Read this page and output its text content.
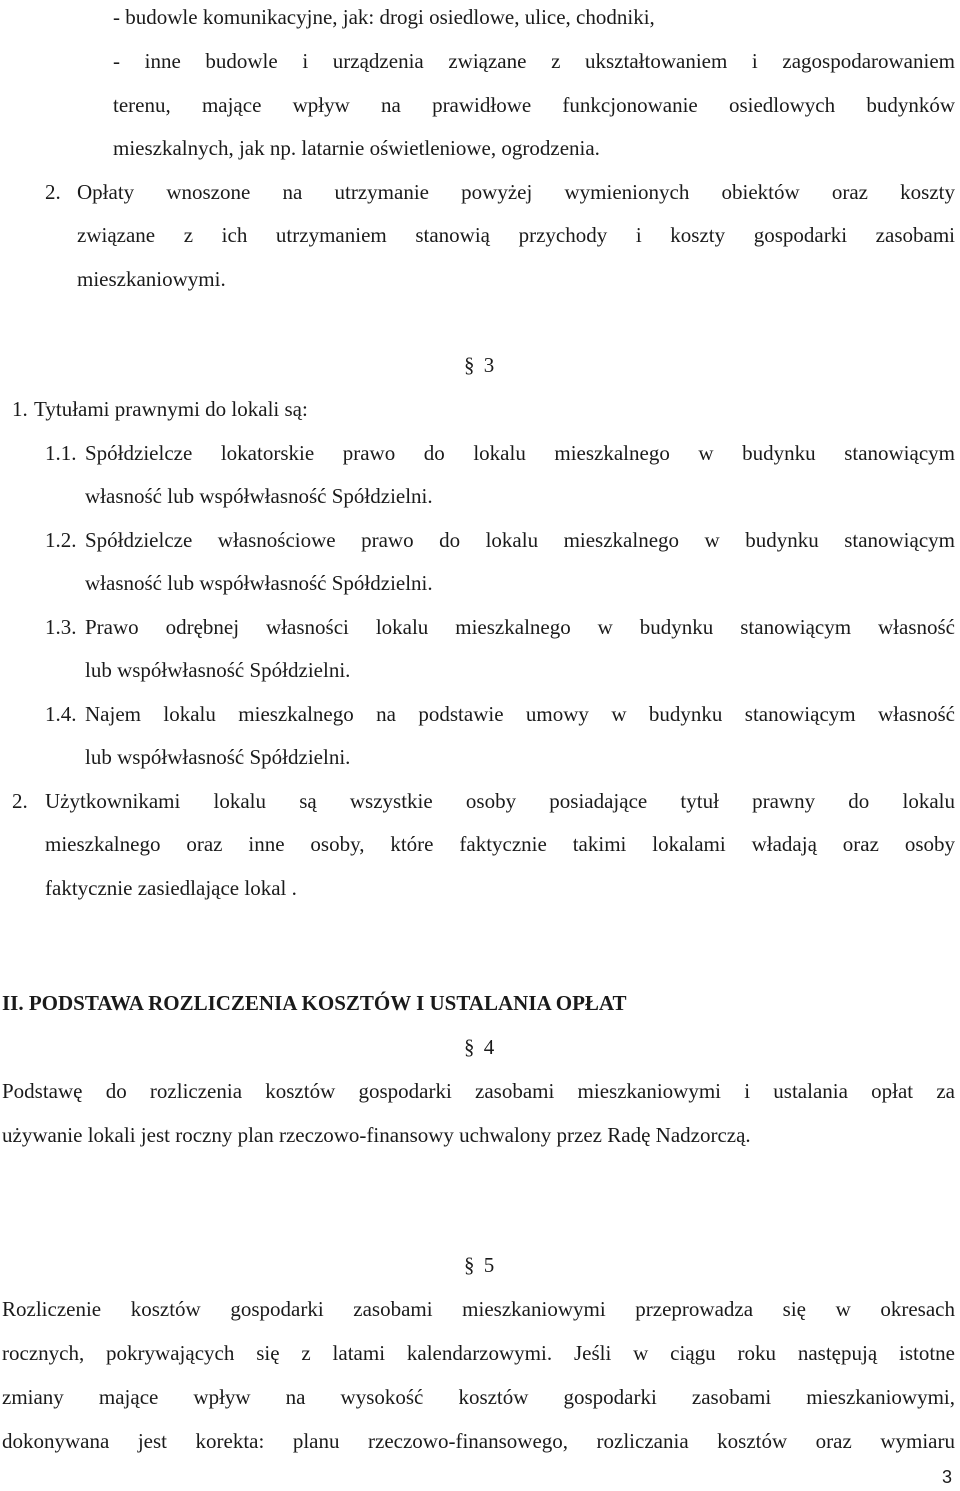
- budowle komunikacyjne, jak: drogi osiedlowe, ulice, chodniki,

- inne budowle i urządzenia związane z ukształtowaniem i zagospodarowaniem

terenu, mające wpływ na prawidłowe funkcjonowanie osiedlowych budynków

mieszkalnych, jak np. latarnie oświetleniowe, ogrodzenia.

2. Opłaty wnoszone na utrzymanie powyżej wymienionych obiektów oraz koszty

związane z ich utrzymaniem stanowią przychody i koszty gospodarki zasobami

mieszkaniowymi.

§ 3
1. Tytułami prawnymi do lokali są:

1.1. Spółdzielcze lokatorskie prawo do lokalu mieszkalnego w budynku stanowiącym

własność lub współwłasność Spółdzielni.

1.2. Spółdzielcze własnościowe prawo do lokalu mieszkalnego w budynku stanowiącym

własność lub współwłasność Spółdzielni.

1.3. Prawo odrębnej własności lokalu mieszkalnego w budynku stanowiącym własność

lub współwłasność Spółdzielni.

1.4. Najem lokalu mieszkalnego na podstawie umowy w budynku stanowiącym własność

lub współwłasność Spółdzielni.

2. Użytkownikami lokalu są wszystkie osoby posiadające tytuł prawny do lokalu

mieszkalnego oraz inne osoby, które faktycznie takimi lokalami władają oraz osoby

faktycznie zasiedlające lokal .

II. PODSTAWA ROZLICZENIA KOSZTÓW I USTALANIA OPŁAT

§ 4

Podstawę do rozliczenia kosztów gospodarki zasobami mieszkaniowymi i ustalania opłat za

używanie lokali jest roczny plan rzeczowo-finansowy uchwalony przez Radę Nadzorczą.

§ 5

Rozliczenie kosztów gospodarki zasobami mieszkaniowymi przeprowadza się w okresach

rocznych, pokrywających się z latami kalendarzowymi. Jeśli w ciągu roku następują istotne

zmiany mające wpływ na wysokość kosztów gospodarki zasobami mieszkaniowymi,

dokonywana jest korekta: planu rzeczowo-finansowego, rozliczania kosztów oraz wymiaru

3
